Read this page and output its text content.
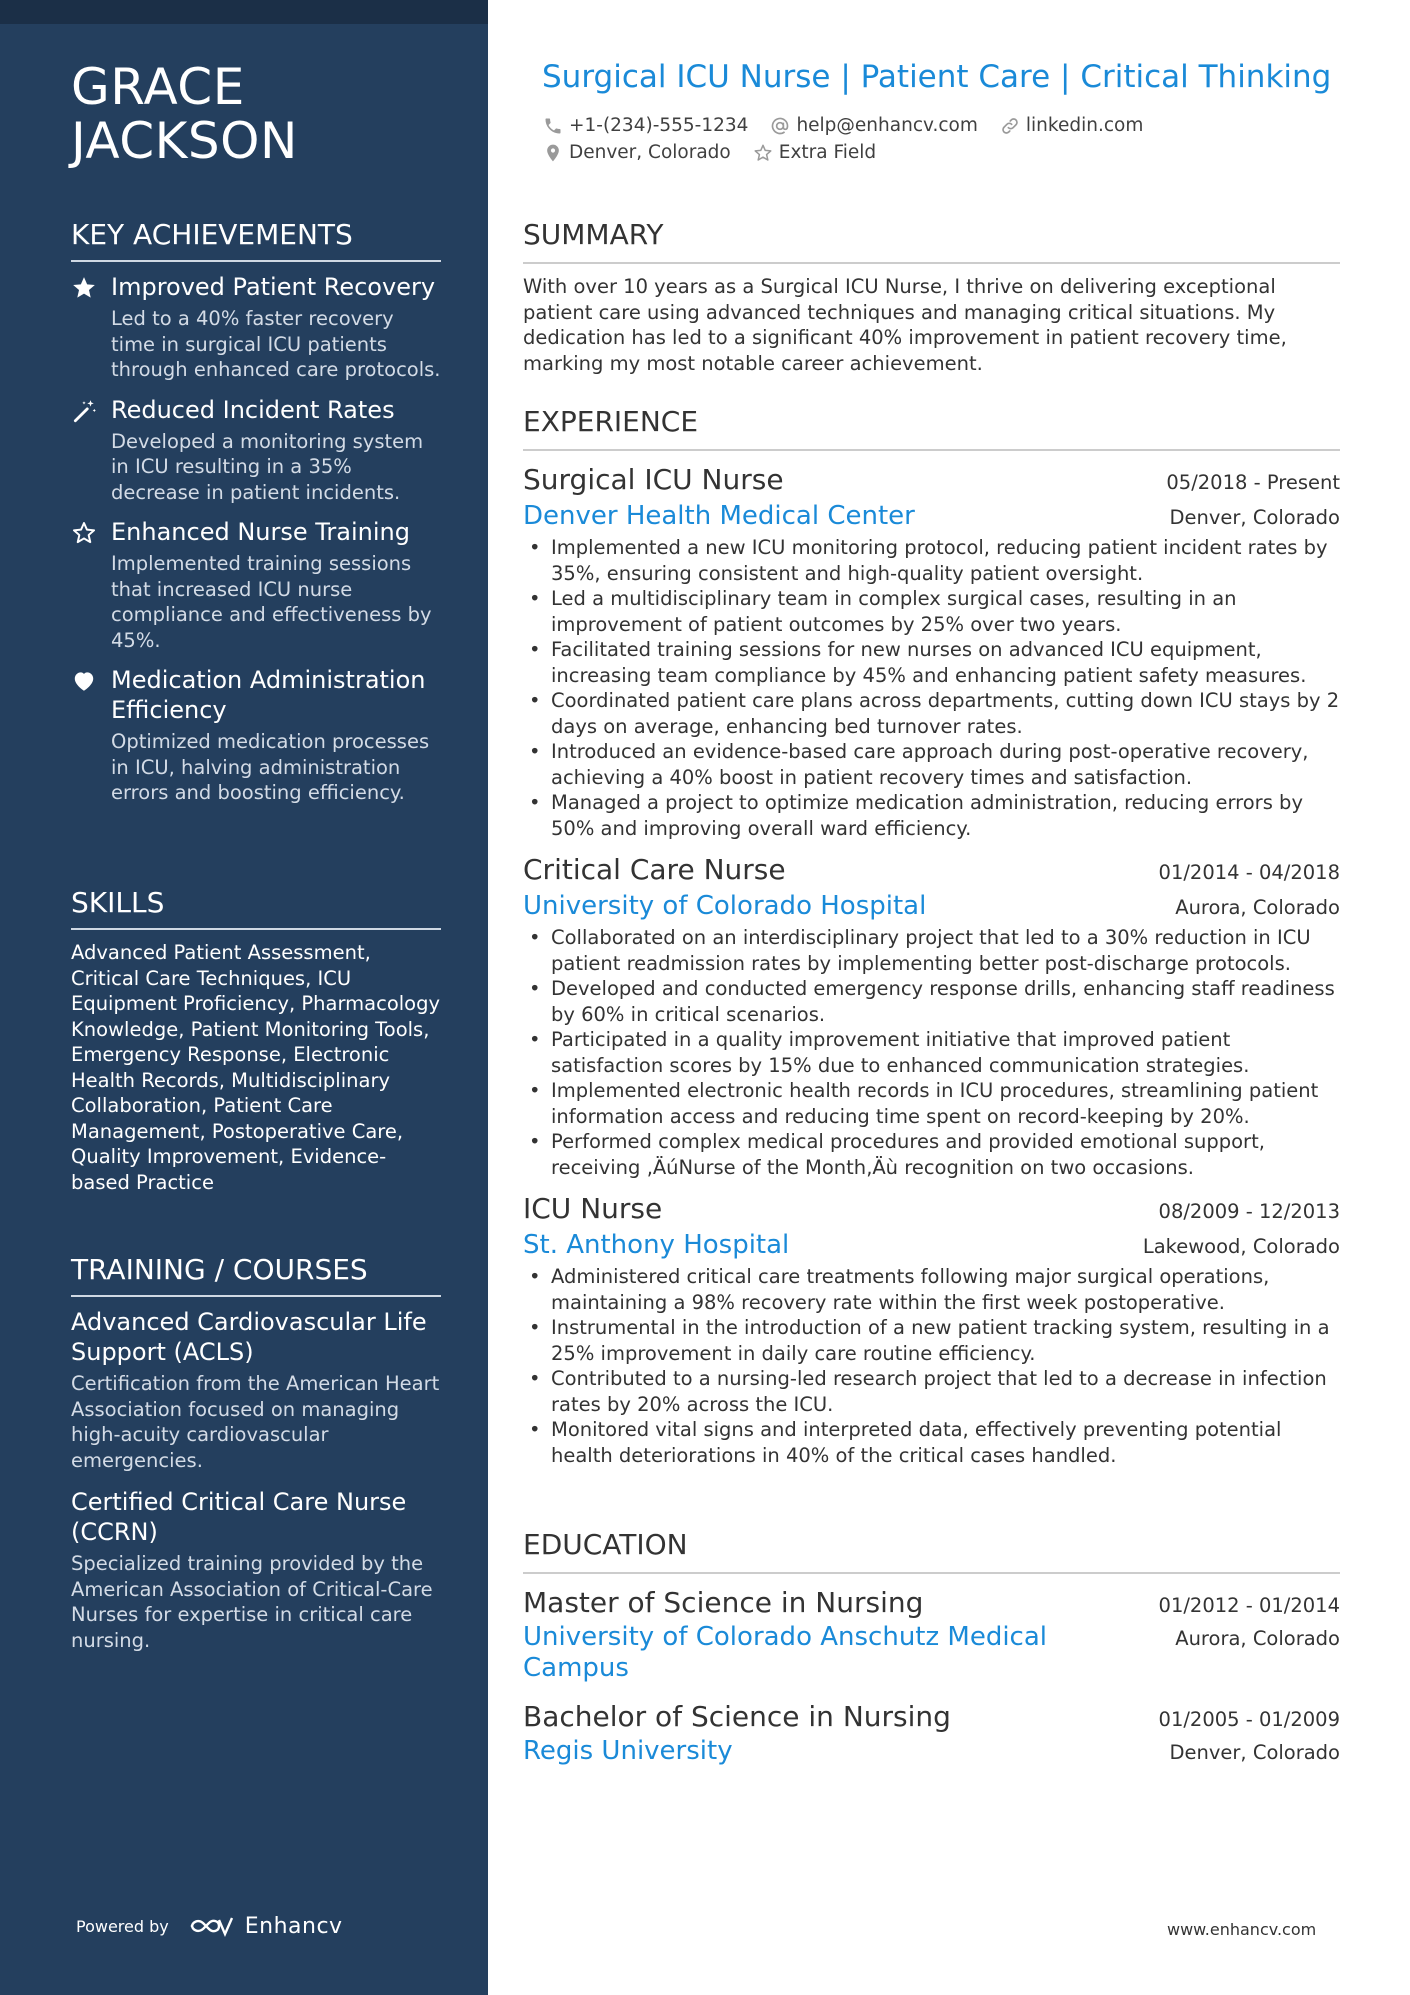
GRACE
JACKSON
KEY ACHIEVEMENTS
Improved Patient Recovery
Led to a 40% faster recovery time in surgical ICU patients through enhanced care protocols.
Reduced Incident Rates
Developed a monitoring system in ICU resulting in a 35% decrease in patient incidents.
Enhanced Nurse Training
Implemented training sessions that increased ICU nurse compliance and effectiveness by 45%.
Medication Administration Efficiency
Optimized medication processes in ICU, halving administration errors and boosting efficiency.
SKILLS
Advanced Patient Assessment, Critical Care Techniques, ICU Equipment Proficiency, Pharmacology Knowledge, Patient Monitoring Tools, Emergency Response, Electronic Health Records, Multidisciplinary Collaboration, Patient Care Management, Postoperative Care, Quality Improvement, Evidence-based Practice
TRAINING / COURSES
Advanced Cardiovascular Life Support (ACLS)
Certification from the American Heart Association focused on managing high-acuity cardiovascular emergencies.
Certified Critical Care Nurse (CCRN)
Specialized training provided by the American Association of Critical-Care Nurses for expertise in critical care nursing.
Powered by	Enhancv
Surgical ICU Nurse | Patient Care | Critical Thinking
+1-(234)-555-1234	help@enhancv.com	linkedin.com
Denver, Colorado	Extra Field
SUMMARY
With over 10 years as a Surgical ICU Nurse, I thrive on delivering exceptional patient care using advanced techniques and managing critical situations. My dedication has led to a significant 40% improvement in patient recovery time, marking my most notable career achievement.
EXPERIENCE
Surgical ICU Nurse	05/2018 - Present
Denver Health Medical Center	Denver, Colorado
• Implemented a new ICU monitoring protocol, reducing patient incident rates by 35%, ensuring consistent and high-quality patient oversight.
• Led a multidisciplinary team in complex surgical cases, resulting in an improvement of patient outcomes by 25% over two years.
• Facilitated training sessions for new nurses on advanced ICU equipment, increasing team compliance by 45% and enhancing patient safety measures.
• Coordinated patient care plans across departments, cutting down ICU stays by 2 days on average, enhancing bed turnover rates.
• Introduced an evidence-based care approach during post-operative recovery, achieving a 40% boost in patient recovery times and satisfaction.
• Managed a project to optimize medication administration, reducing errors by 50% and improving overall ward efficiency.
Critical Care Nurse	01/2014 - 04/2018
University of Colorado Hospital	Aurora, Colorado
• Collaborated on an interdisciplinary project that led to a 30% reduction in ICU patient readmission rates by implementing better post-discharge protocols.
• Developed and conducted emergency response drills, enhancing staff readiness by 60% in critical scenarios.
• Participated in a quality improvement initiative that improved patient satisfaction scores by 15% due to enhanced communication strategies.
• Implemented electronic health records in ICU procedures, streamlining patient information access and reducing time spent on record-keeping by 20%.
• Performed complex medical procedures and provided emotional support, receiving ‚ÄúNurse of the Month‚Äù recognition on two occasions.
ICU Nurse	08/2009 - 12/2013
St. Anthony Hospital	Lakewood, Colorado
• Administered critical care treatments following major surgical operations, maintaining a 98% recovery rate within the first week postoperative.
• Instrumental in the introduction of a new patient tracking system, resulting in a 25% improvement in daily care routine efficiency.
• Contributed to a nursing-led research project that led to a decrease in infection rates by 20% across the ICU.
• Monitored vital signs and interpreted data, effectively preventing potential health deteriorations in 40% of the critical cases handled.
EDUCATION
Master of Science in Nursing	01/2012 - 01/2014
University of Colorado Anschutz Medical Campus
Aurora, Colorado
Bachelor of Science in Nursing	01/2005 - 01/2009
Regis University	Denver, Colorado
www.enhancv.com
